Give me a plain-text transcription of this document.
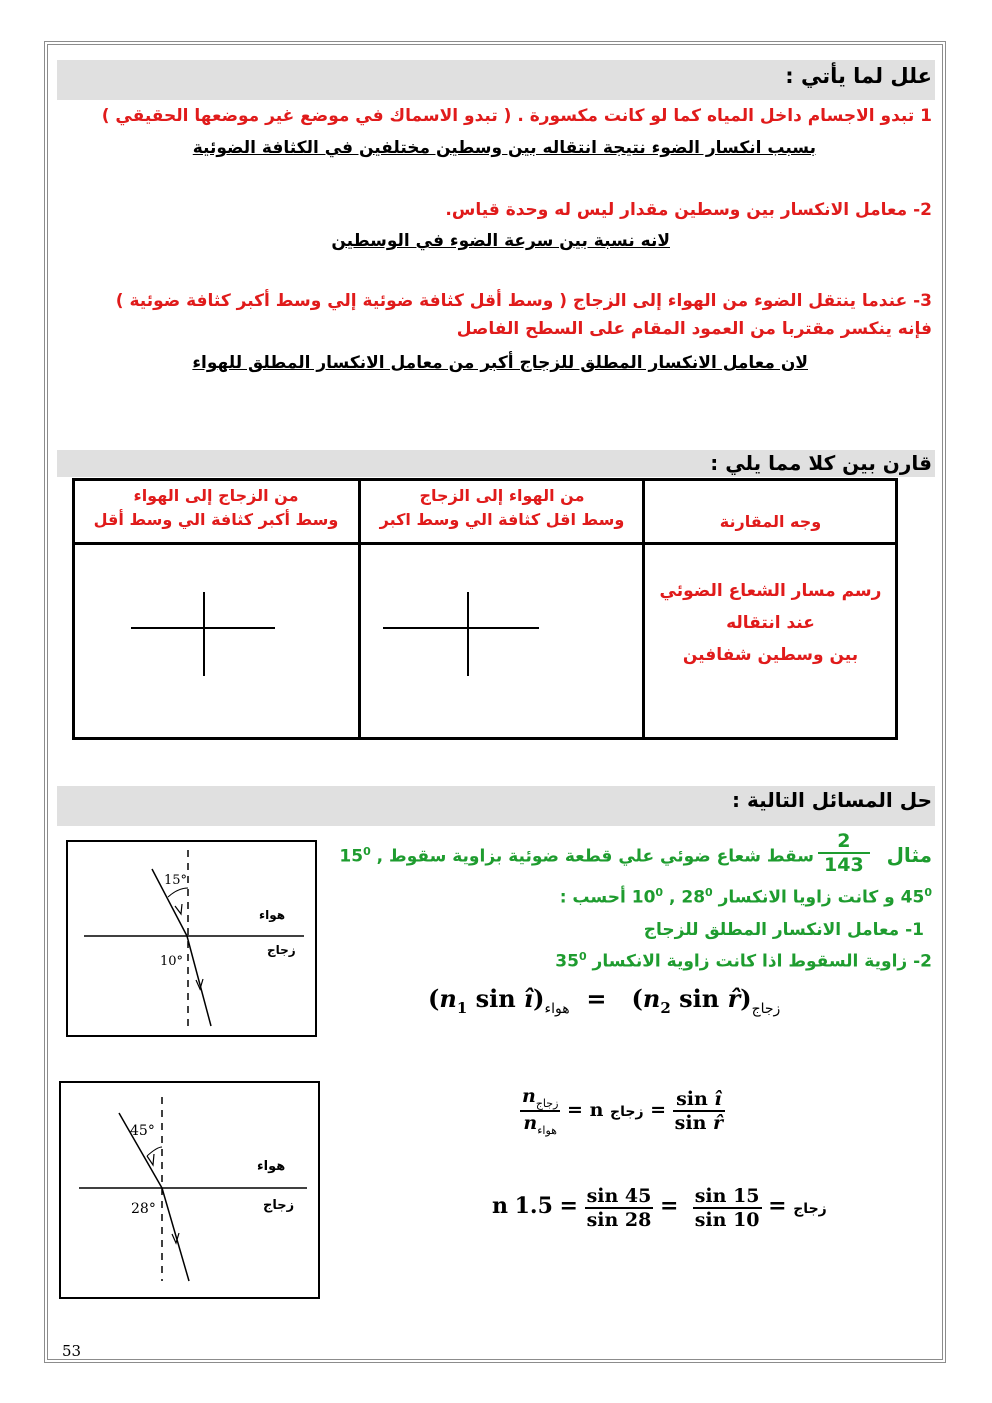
علل لما يأتي :
1 تبدو الاجسام داخل المياه كما لو كانت مكسورة . ( تبدو الاسماك في موضع غير موضعها الحقيقي )
بسبب انكسار الضوء نتيجة انتقاله بين وسطين مختلفين في الكثافة الضوئية
2- معامل الانكسار بين وسطين مقدار ليس له وحدة قياس.
لانه نسبة بين سرعة الضوء في الوسطين
3- عندما ينتقل الضوء من الهواء إلى الزجاج ( وسط أقل كثافة ضوئية إلي وسط أكبر كثافة ضوئية )
فإنه ينكسر مقتربا من العمود المقام على السطح الفاصل
لان معامل الانكسار المطلق للزجاج أكبر من معامل الانكسار المطلق للهواء
قارن بين كلا مما يلي :
من الزجاج إلى الهواء
وسط أكبر كثافة الي وسط أقل
من الهواء إلى الزجاج
وسط اقل كثافة الي وسط اكبر	وجه المقارنة
رسم مسار الشعاع الضوئي
عند انتقاله
بين وسطين شفافين
حل المسائل التالية :
15°
10°
هواء
زجاج
45°
28°
هواء
زجاج
مثال
$\frac{2}{143}$
سقط شعاع ضوئي علي قطعة ضوئية بزاوية سقوط , $15^0$
$45^0$ و كانت زاويا الانكسار $28^0$ , $10^0$ أحسب :
1- معامل الانكسار المطلق للزجاج
2- زاوية السقوط اذا كانت زاوية الانكسار $35^0$
($n_1$ $\sin î)_{هواء} = (n_2$ $\sin r̂)_{زجاج}$
$\frac{n_{زجاج}}{n_{هواء}} = n$ زجاج = $\frac{\text{sin î}}{\text{sin r̂}}$
n	زجاج =
$\frac{\sin 15}{\sin 10}$
=
$\frac{\sin 45}{\sin 28}$
= 1.5
53
